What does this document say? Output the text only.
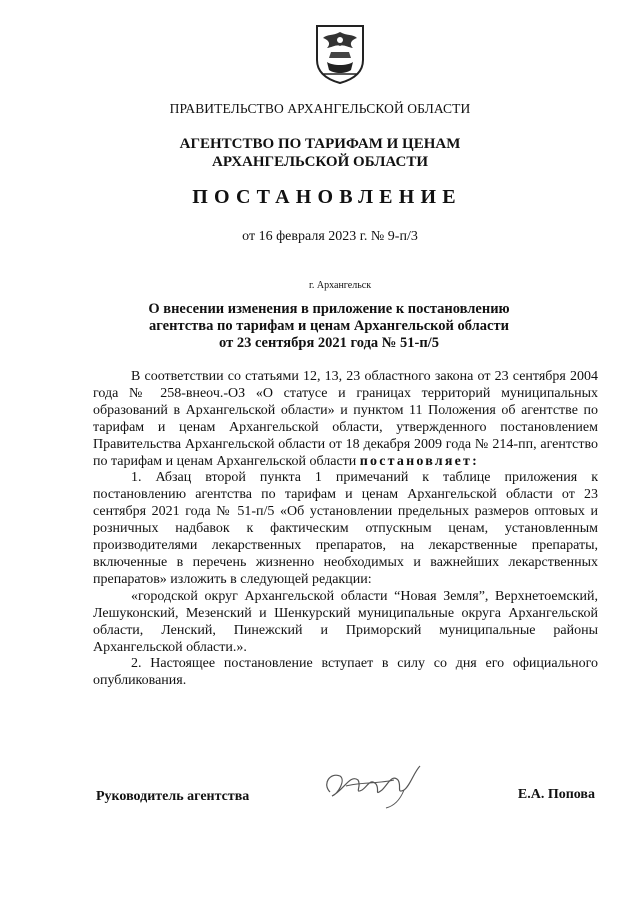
ПРАВИТЕЛЬСТВО АРХАНГЕЛЬСКОЙ ОБЛАСТИ
АГЕНТСТВО ПО ТАРИФАМ И ЦЕНАМ
АРХАНГЕЛЬСКОЙ ОБЛАСТИ
ПОСТАНОВЛЕНИЕ
от 16 февраля 2023 г. № 9-п/3
г. Архангельск
О внесении изменения в приложение к постановлению
агентства по тарифам и ценам Архангельской области
от 23 сентября 2021 года № 51-п/5

В соответствии со статьями 12, 13, 23 областного закона от 23 сентября 2004 года № 258-внеоч.-ОЗ «О статусе и границах территорий муниципальных образований в Архангельской области» и пунктом 11 Положения об агентстве по тарифам и ценам Архангельской области, утвержденного постановлением Правительства Архангельской области от 18 декабря 2009 года № 214-пп, агентство по тарифам и ценам Архангельской области постановляет:

1. Абзац второй пункта 1 примечаний к таблице приложения к постановлению агентства по тарифам и ценам Архангельской области от 23 сентября 2021 года № 51-п/5 «Об установлении предельных размеров оптовых и розничных надбавок к фактическим отпускным ценам, установленным производителями лекарственных препаратов, на лекарственные препараты, включенные в перечень жизненно необходимых и важнейших лекарственных препаратов» изложить в следующей редакции:

«городской округ Архангельской области “Новая Земля”, Верхнетоемский, Лешуконский, Мезенский и Шенкурский муниципальные округа Архангельской области, Ленский, Пинежский и Приморский муниципальные районы Архангельской области.».

2. Настоящее постановление вступает в силу со дня его официального опубликования.

Руководитель агентства	Е.А. Попова
